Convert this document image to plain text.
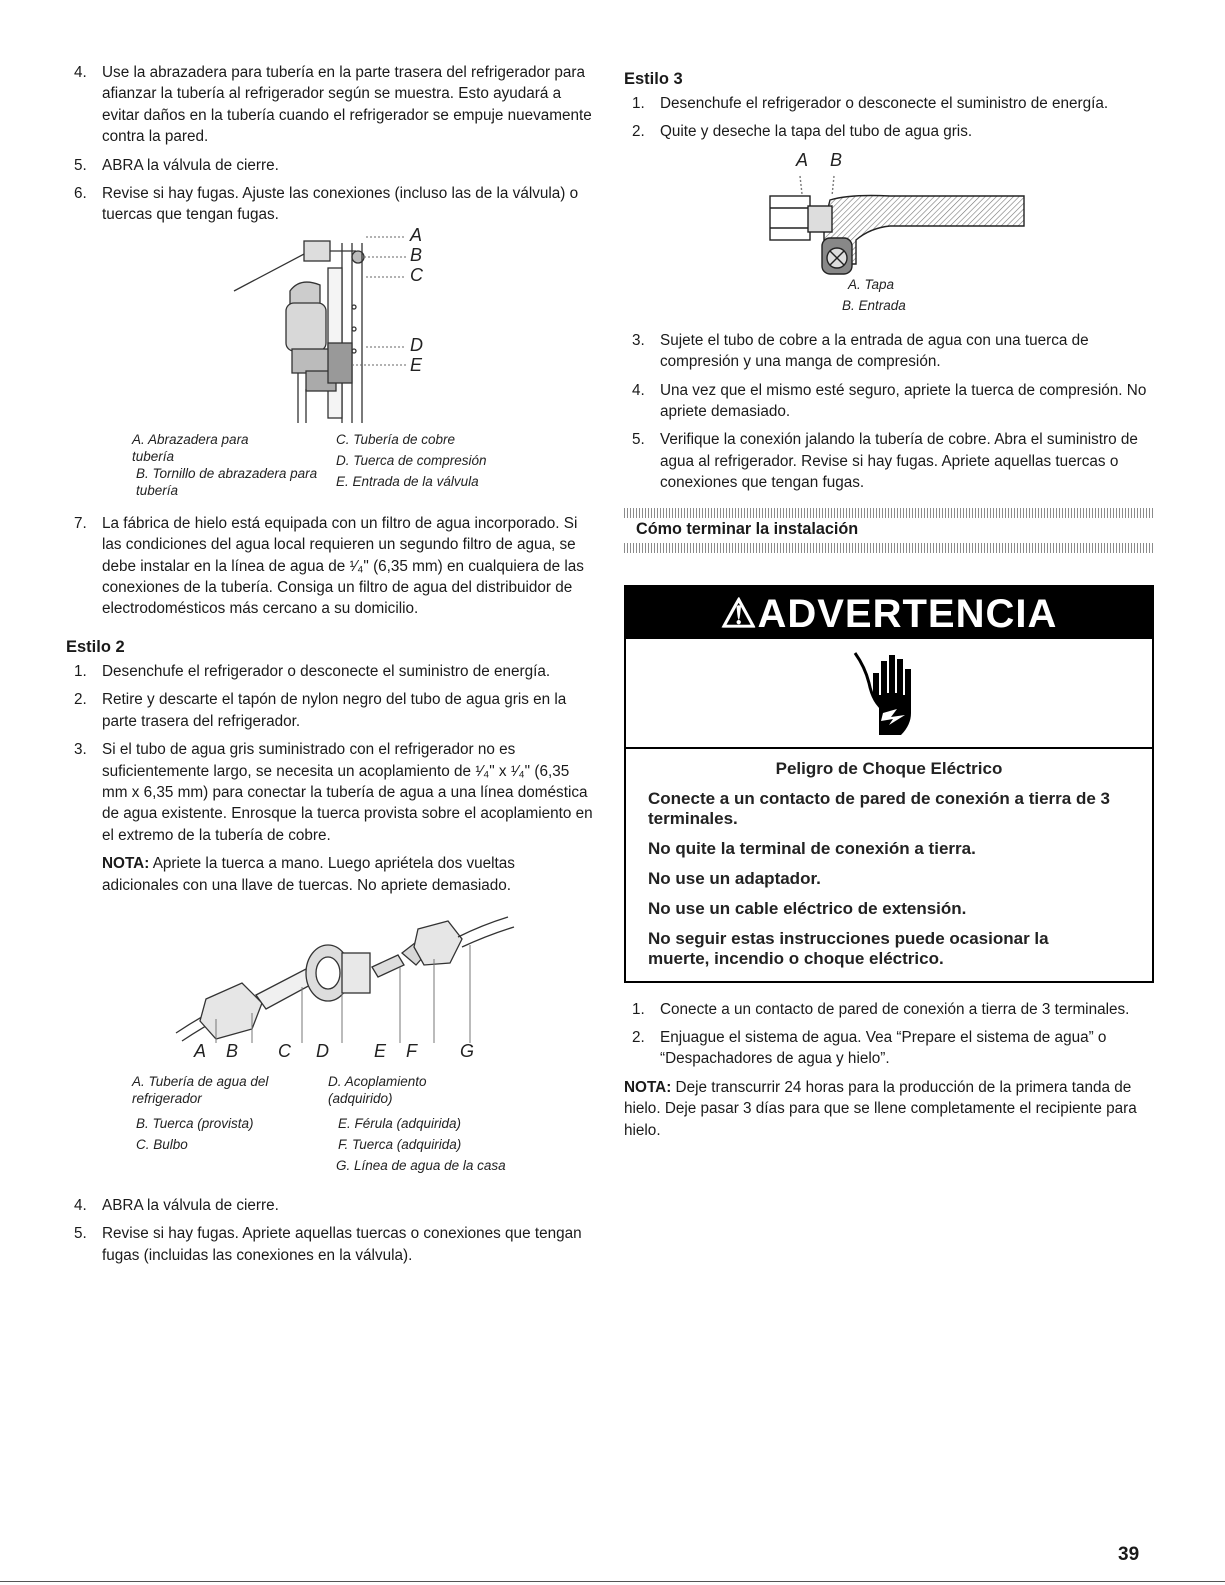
4. Use la abrazadera para tubería en la parte trasera del refrigerador para afianzar la tubería al refrigerador según se muestra. Esto ayudará a evitar daños en la tubería cuando el refrigerador se empuje nuevamente contra la pared.

5. ABRA la válvula de cierre.

6. Revise si hay fugas. Ajuste las conexiones (incluso las de la válvula) o tuercas que tengan fugas.

A
B
C
D
E
A. Abrazadera para tubería
B. Tornillo de abrazadera para tubería
C. Tubería de cobre
D. Tuerca de compresión
E. Entrada de la válvula
7. La fábrica de hielo está equipada con un filtro de agua incorporado. Si las condiciones del agua local requieren un segundo filtro de agua, se debe instalar en la línea de agua de ¹⁄₄" (6,35 mm) en cualquiera de las conexiones de la tubería. Consiga un filtro de agua del distribuidor de electrodomésticos más cercano a su domicilio.

Estilo 2
1. Desenchufe el refrigerador o desconecte el suministro de energía.

2. Retire y descarte el tapón de nylon negro del tubo de agua gris en la parte trasera del refrigerador.

3. Si el tubo de agua gris suministrado con el refrigerador no es suficientemente largo, se necesita un acoplamiento de ¹⁄₄" x ¹⁄₄" (6,35 mm x 6,35 mm) para conectar la tubería de agua a una línea doméstica de agua existente. Enrosque la tuerca provista sobre el acoplamiento en el extremo de la tubería de cobre.

NOTA: Apriete la tuerca a mano. Luego apriétela dos vueltas adicionales con una llave de tuercas. No apriete demasiado.

A B C D	E F G
A. Tubería de agua del refrigerador
B. Tuerca (provista)
C. Bulbo
D. Acoplamiento (adquirido)
E. Férula (adquirida)
F. Tuerca (adquirida)
G. Línea de agua de la casa
4. ABRA la válvula de cierre.

5. Revise si hay fugas. Apriete aquellas tuercas o conexiones que tengan fugas (incluidas las conexiones en la válvula).

Estilo 3
1. Desenchufe el refrigerador o desconecte el suministro de energía.

2. Quite y deseche la tapa del tubo de agua gris.

A B
A. Tapa
B. Entrada
3. Sujete el tubo de cobre a la entrada de agua con una tuerca de compresión y una manga de compresión.

4. Una vez que el mismo esté seguro, apriete la tuerca de compresión. No apriete demasiado.

5. Verifique la conexión jalando la tubería de cobre. Abra el suministro de agua al refrigerador. Revise si hay fugas. Apriete aquellas tuercas o conexiones que tengan fugas.

Cómo terminar la instalación
⚠ADVERTENCIA
Peligro de Choque Eléctrico
Conecte a un contacto de pared de conexión a tierra de 3 terminales.
No quite la terminal de conexión a tierra.
No use un adaptador.
No use un cable eléctrico de extensión.
No seguir estas instrucciones puede ocasionar la muerte, incendio o choque eléctrico.
1. Conecte a un contacto de pared de conexión a tierra de 3 terminales.

2. Enjuague el sistema de agua. Vea “Prepare el sistema de agua” o “Despachadores de agua y hielo”.

NOTA: Deje transcurrir 24 horas para la producción de la primera tanda de hielo. Deje pasar 3 días para que se llene completamente el recipiente para hielo.

39
